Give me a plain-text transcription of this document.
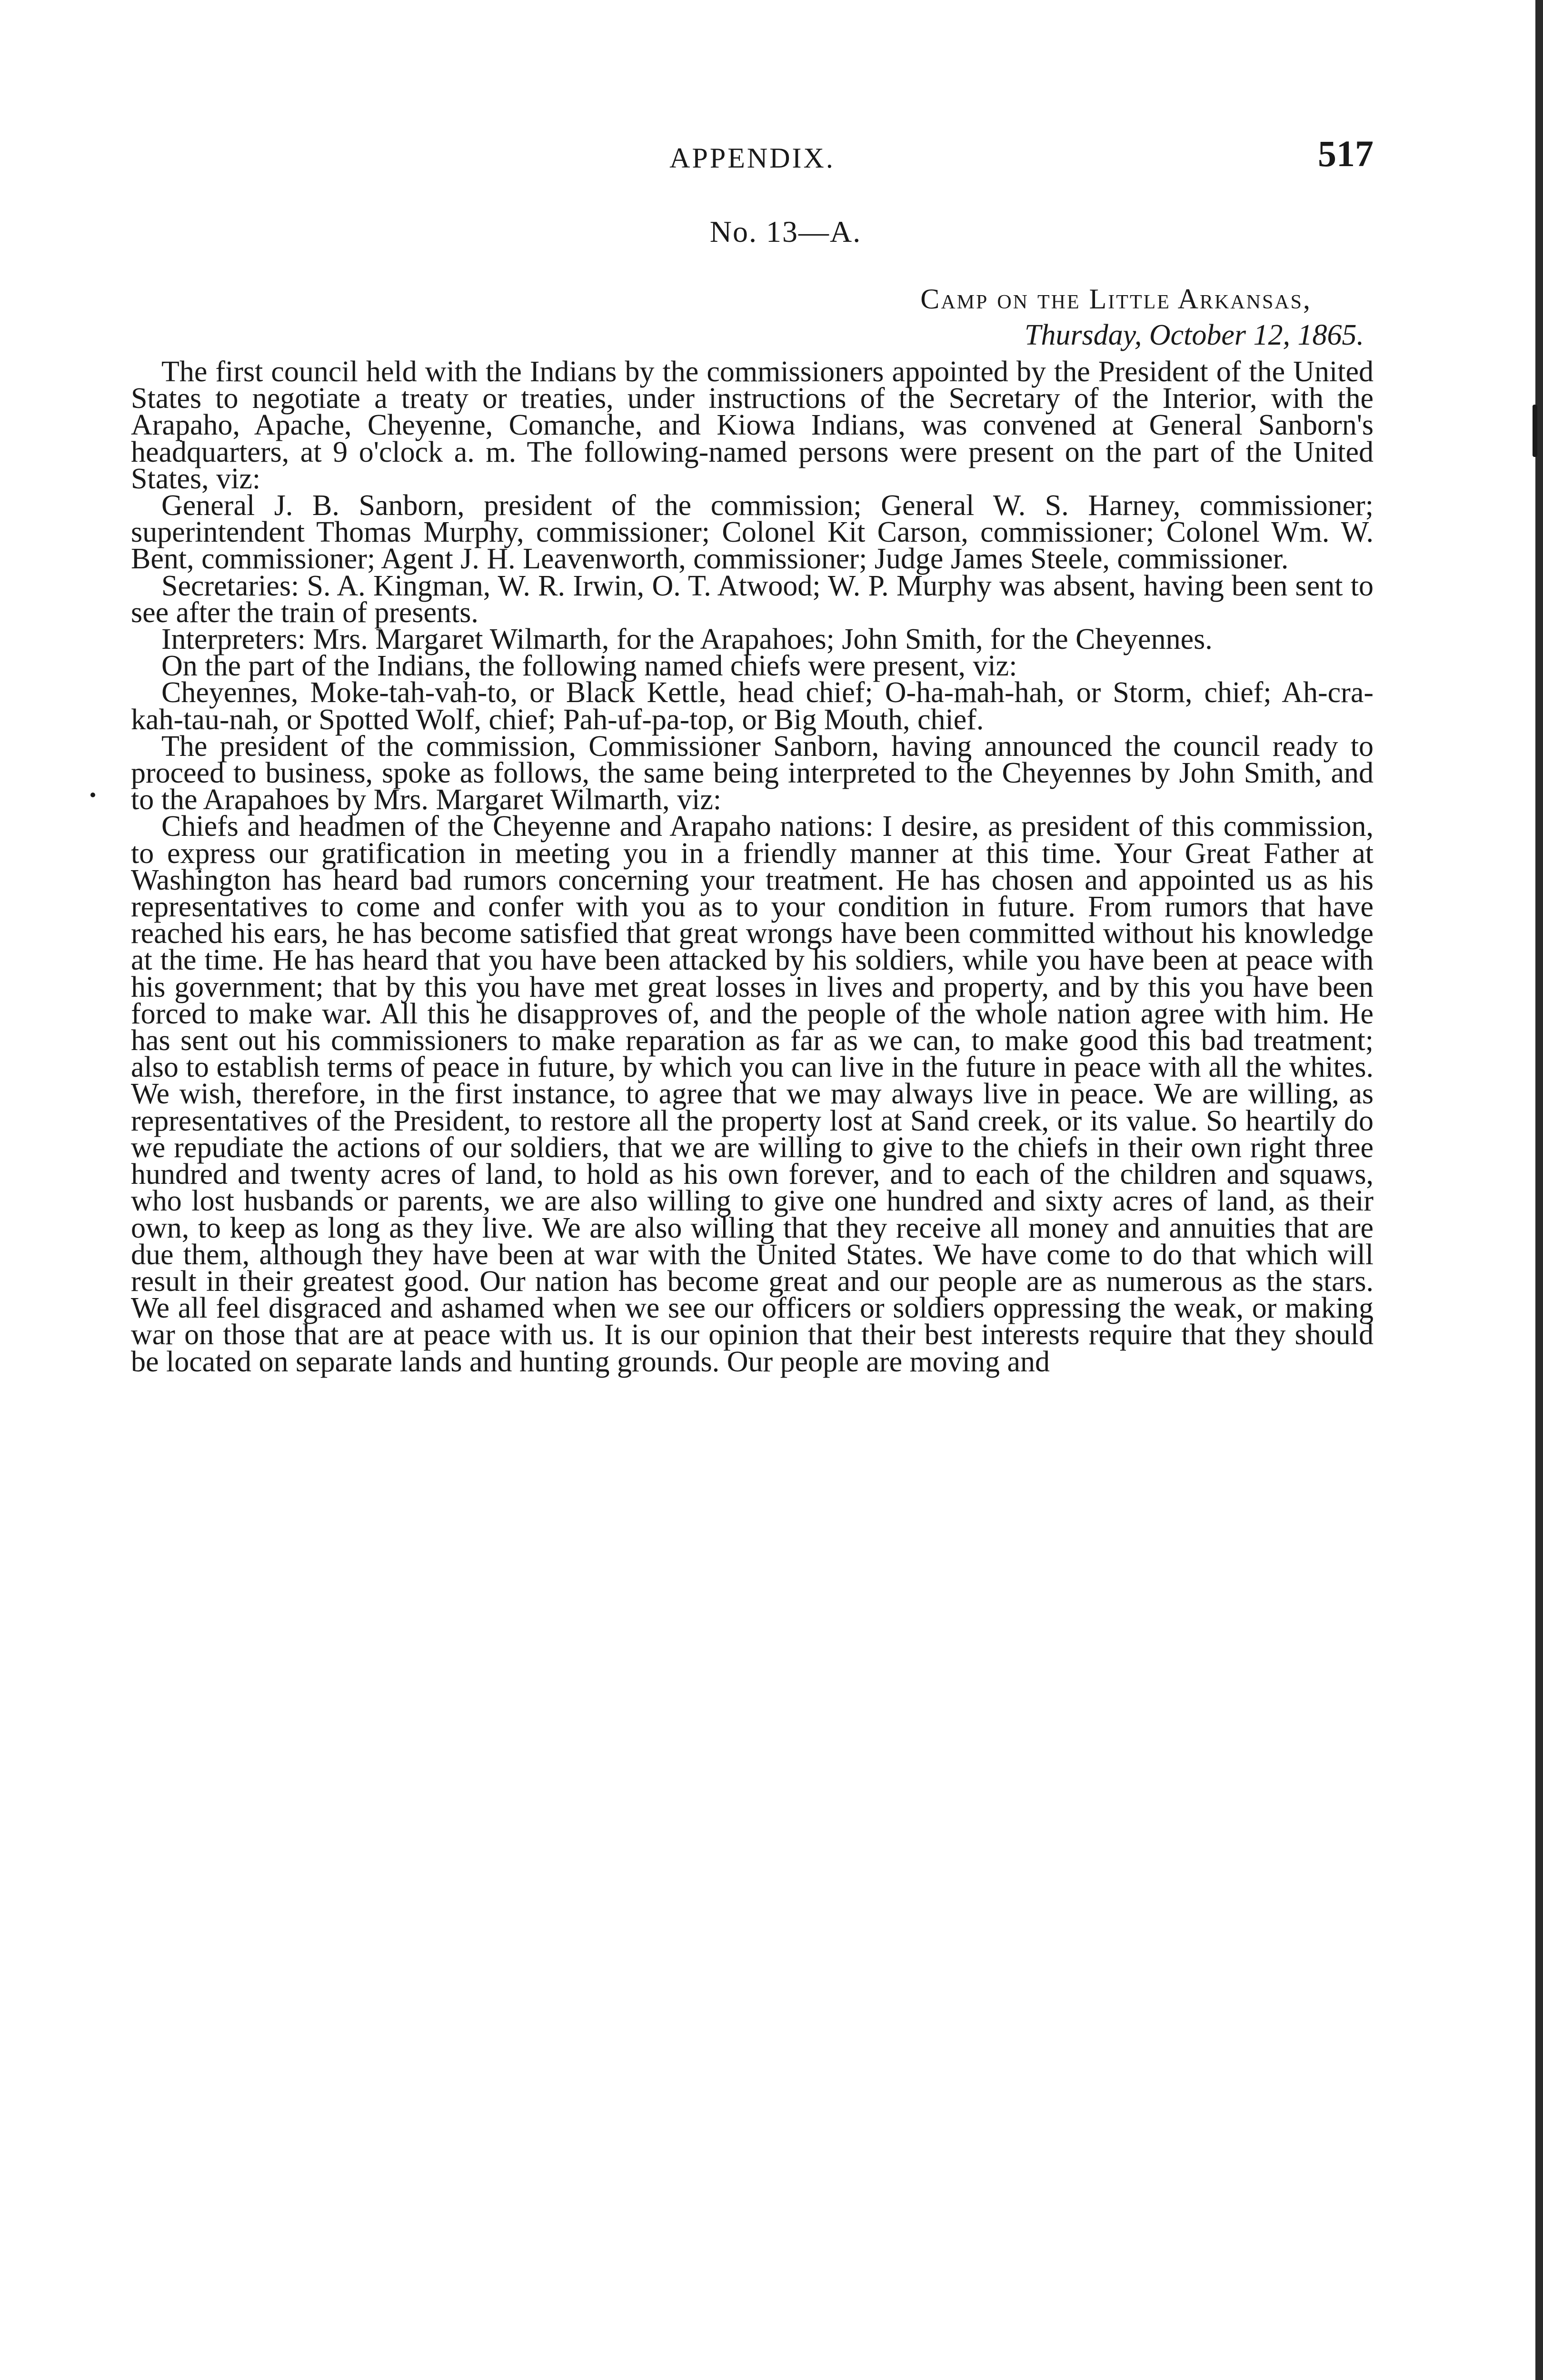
APPENDIX.	517
No. 13—A.
Camp on the Little Arkansas,
Thursday, October 12, 1865.

The first council held with the Indians by the commissioners appointed by the President of the United States to negotiate a treaty or treaties, under instructions of the Secretary of the Interior, with the Arapaho, Apache, Cheyenne, Comanche, and Kiowa Indians, was convened at General Sanborn's headquarters, at 9 o'clock a. m. The following-named persons were present on the part of the United States, viz:

General J. B. Sanborn, president of the commission; General W. S. Harney, commissioner; superintendent Thomas Murphy, commissioner; Colonel Kit Carson, commissioner; Colonel Wm. W. Bent, commissioner; Agent J. H. Leavenworth, commissioner; Judge James Steele, commissioner.

Secretaries: S. A. Kingman, W. R. Irwin, O. T. Atwood; W. P. Murphy was absent, having been sent to see after the train of presents.

Interpreters: Mrs. Margaret Wilmarth, for the Arapahoes; John Smith, for the Cheyennes.

On the part of the Indians, the following named chiefs were present, viz:

Cheyennes, Moke-tah-vah-to, or Black Kettle, head chief; O-ha-mah-hah, or Storm, chief; Ah-cra-kah-tau-nah, or Spotted Wolf, chief; Pah-uf-pa-top, or Big Mouth, chief.

The president of the commission, Commissioner Sanborn, having announced the council ready to proceed to business, spoke as follows, the same being interpreted to the Cheyennes by John Smith, and to the Arapahoes by Mrs. Margaret Wilmarth, viz:

Chiefs and headmen of the Cheyenne and Arapaho nations: I desire, as president of this commission, to express our gratification in meeting you in a friendly manner at this time. Your Great Father at Washington has heard bad rumors concerning your treatment. He has chosen and appointed us as his representatives to come and confer with you as to your condition in future. From rumors that have reached his ears, he has become satisfied that great wrongs have been committed without his knowledge at the time. He has heard that you have been attacked by his soldiers, while you have been at peace with his government; that by this you have met great losses in lives and property, and by this you have been forced to make war. All this he disapproves of, and the people of the whole nation agree with him. He has sent out his commissioners to make reparation as far as we can, to make good this bad treatment; also to establish terms of peace in future, by which you can live in the future in peace with all the whites. We wish, therefore, in the first instance, to agree that we may always live in peace. We are willing, as representatives of the President, to restore all the property lost at Sand creek, or its value. So heartily do we repudiate the actions of our soldiers, that we are willing to give to the chiefs in their own right three hundred and twenty acres of land, to hold as his own forever, and to each of the children and squaws, who lost husbands or parents, we are also willing to give one hundred and sixty acres of land, as their own, to keep as long as they live. We are also willing that they receive all money and annuities that are due them, although they have been at war with the United States. We have come to do that which will result in their greatest good. Our nation has become great and our people are as numerous as the stars. We all feel disgraced and ashamed when we see our officers or soldiers oppressing the weak, or making war on those that are at peace with us. It is our opinion that their best interests require that they should be located on separate lands and hunting grounds. Our people are moving and
